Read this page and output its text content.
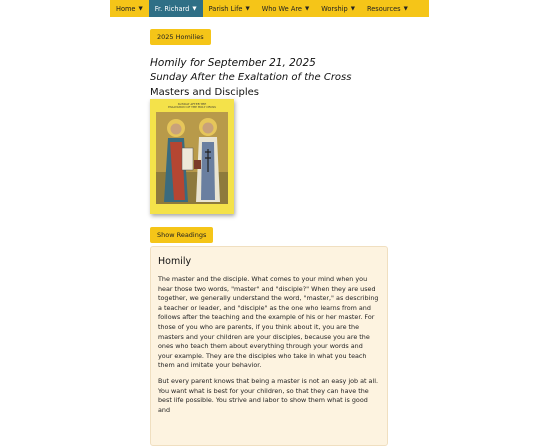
Home ▼ Fr. Richard ▼ Parish Life ▼ Who We Are ▼ Worship ▼ Resources ▼
2025 Homilies
Homily for September 21, 2025
Sunday After the Exaltation of the Cross
Masters and Disciples
SUNDAY AFTER THE
EXALTATION OF THE HOLY CROSS
Show Readings
Homily

The master and the disciple. What comes to your mind when you hear those two words, "master" and "disciple?" When they are used together, we generally understand the word, "master," as describing a teacher or leader, and "disciple" as the one who learns from and follows after the teaching and the example of his or her master. For those of you who are parents, if you think about it, you are the masters and your children are your disciples, because you are the ones who teach them about everything through your words and your example. They are the disciples who take in what you teach them and imitate your behavior.

But every parent knows that being a master is not an easy job at all. You want what is best for your children, so that they can have the best life possible. You strive and labor to show them what is good and
